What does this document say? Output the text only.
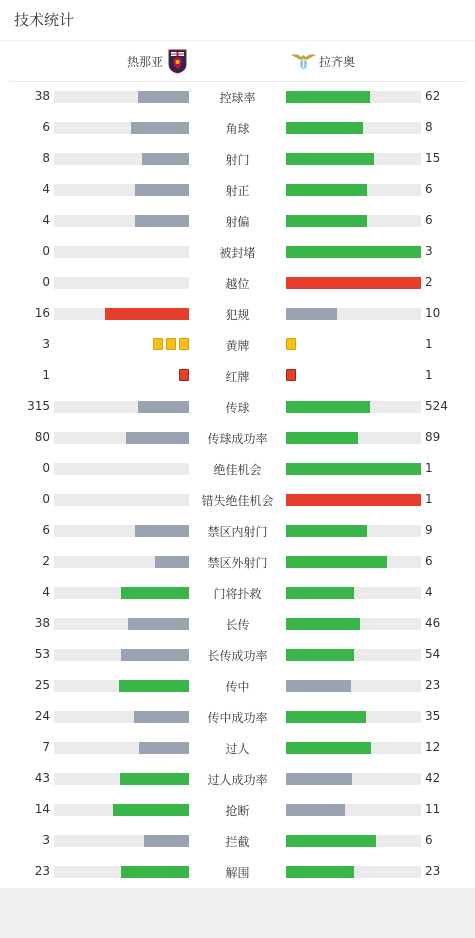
技术统计
热那亚	拉齐奥
38	控球率	62
6	角球	8
8	射门	15
4	射正	6
4	射偏	6
0	被封堵	3
0	越位	2
16	犯规	10
3	黄牌	1
1	红牌	1
315	传球	524
80	传球成功率	89
0	绝佳机会	1
0	错失绝佳机会	1
6	禁区内射门	9
2	禁区外射门	6
4	门将扑救	4
38	长传	46
53	长传成功率	54
25	传中	23
24	传中成功率	35
7	过人	12
43	过人成功率	42
14	抢断	11
3	拦截	6
23	解围	23
